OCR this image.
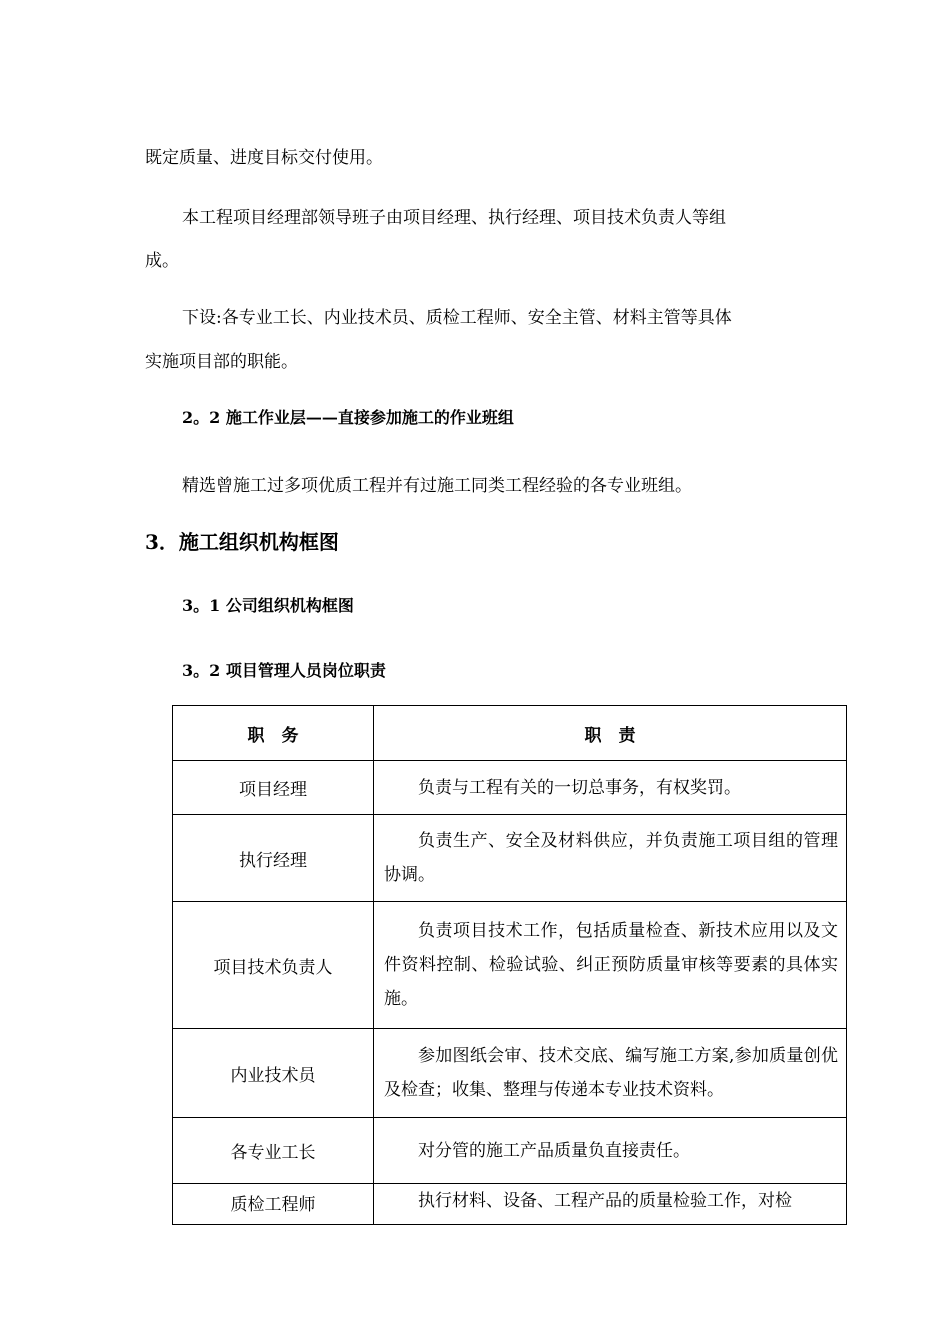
既定质量、进度目标交付使用。
本工程项目经理部领导班子由项目经理、执行经理、项目技术负责人等组
成。
下设:各专业工长、内业技术员、质检工程师、安全主管、材料主管等具体
实施项目部的职能。
2。2 施工作业层——直接参加施工的作业班组
精选曾施工过多项优质工程并有过施工同类工程经验的各专业班组。
3．施工组织机构框图
3。1 公司组织机构框图
3。2 项目管理人员岗位职责
职　务	职　责
项目经理	负责与工程有关的一切总事务，有权奖罚。
执行经理	负责生产、安全及材料供应，并负责施工项目组的管理协调。
项目技术负责人	负责项目技术工作，包括质量检查、新技术应用以及文件资料控制、检验试验、纠正预防质量审核等要素的具体实施。
内业技术员	参加图纸会审、技术交底、编写施工方案,参加质量创优及检查；收集、整理与传递本专业技术资料。
各专业工长	对分管的施工产品质量负直接责任。
质检工程师	执行材料、设备、工程产品的质量检验工作，对检
